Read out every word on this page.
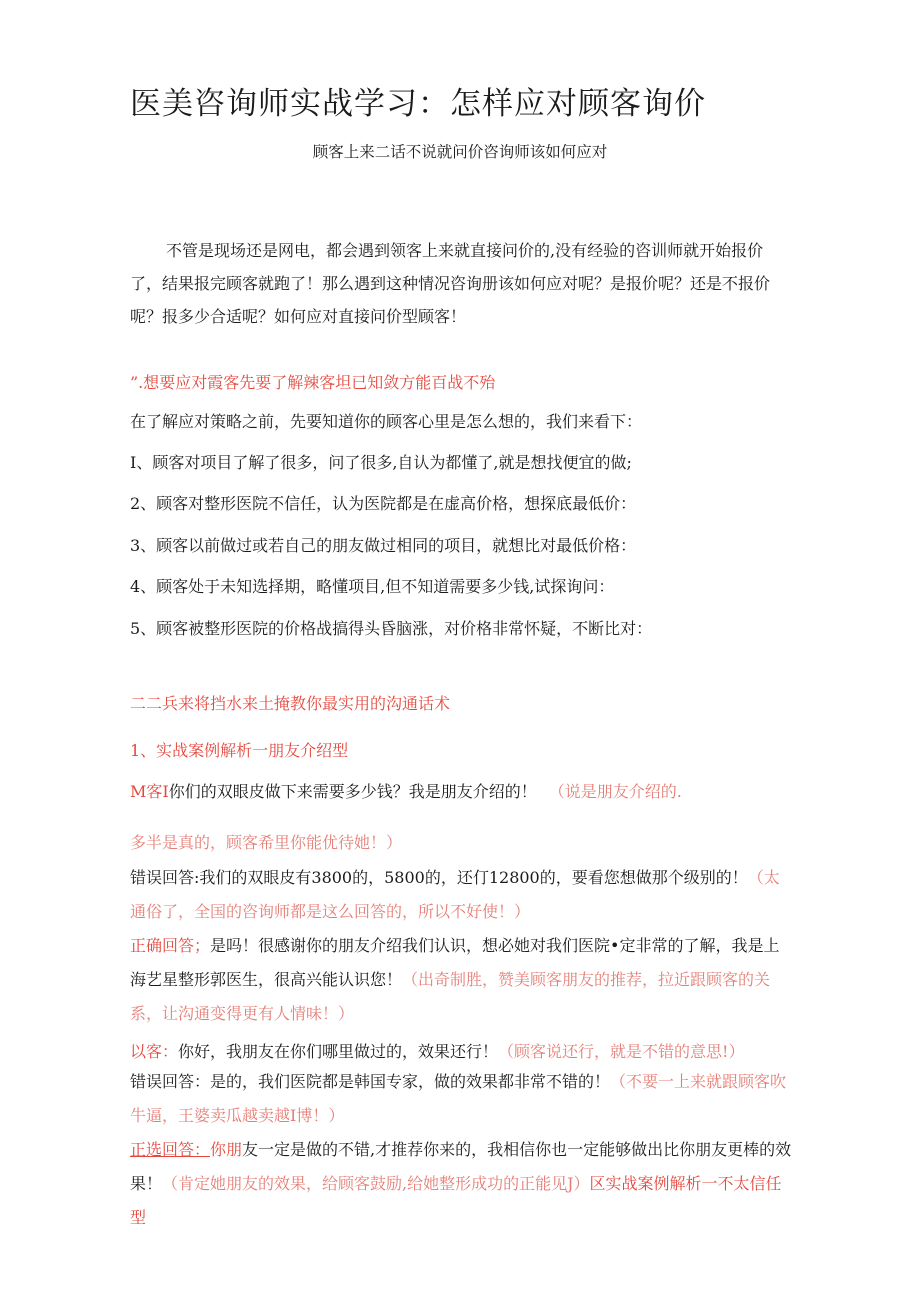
医美咨询师实战学习：怎样应对顾客询价
顾客上来二话不说就问价咨询师该如何应对

不管是现场还是网电，都会遇到领客上来就直接问价的,没有经验的咨训师就开始报价了，结果报完顾客就跑了！那么遇到这种情况咨询册该如何应对呢？是报价呢？还是不报价呢？报多少合适呢？如何应对直接问价型顾客！

”.想要应对霞客先要了解辣客坦已知敛方能百战不殆
在了解应对策略之前，先要知道你的顾客心里是怎么想的，我们来看下：
I、顾客对项目了解了很多，问了很多,自认为都懂了,就是想找便宜的做;
2、顾客对整形医院不信任，认为医院都是在虚高价格，想探底最低价：
3、顾客以前做过或若自己的朋友做过相同的项目，就想比对最低价格：
4、顾客处于未知选择期，略懂项目,但不知道需要多少钱,试探询问：
5、顾客被整形医院的价格战搞得头昏脑涨，对价格非常怀疑，不断比对：
二二兵来将挡水来土掩教你最实用的沟通话术
1、实战案例解析一朋友介绍型
M客I你们的双眼皮做下来需要多少钱？我是朋友介绍的！ （说是朋友介绍的.
多半是真的，顾客希里你能优待她！）

错误回答:我们的双眼皮有3800的，5800的，还仃12800的，要看您想做那个级别的！（太通俗了，全国的咨询师都是这么回答的，所以不好使！）

正确回答；是吗！很感谢你的朋友介绍我们认识，想必她对我们医院•定非常的了解，我是上海艺星整形郭医生，很高兴能认识您！（出奇制胜，赞美顾客朋友的推荐，拉近跟顾客的关系，让沟通变得更有人情味！）

以客：你好，我朋友在你们哪里做过的，效果还行！（顾客说还行，就是不错的意思!）

错误回答：是的，我们医院都是韩国专家，做的效果都非常不错的！（不要一上来就跟顾客吹牛逼，王婆卖瓜越卖越I博！）

正选回答：你朋友一定是做的不错,才推荐你来的，我相信你也一定能够做出比你朋友更棒的效果！（肯定她朋友的效果，给顾客鼓励,给她整形成功的正能见J）区实战案例解析一不太信任型
